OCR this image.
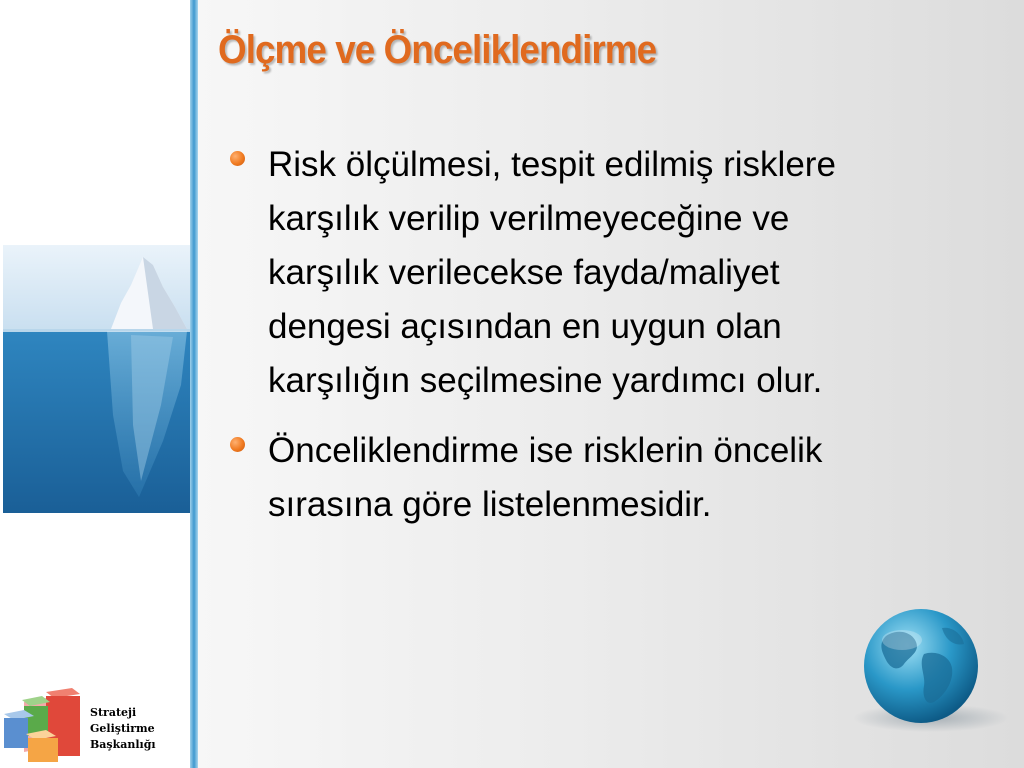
Ölçme ve Önceliklendirme
Risk ölçülmesi, tespit edilmiş risklere karşılık verilip verilmeyeceğine ve karşılık verilecekse fayda/maliyet dengesi açısından en uygun olan karşılığın seçilmesine yardımcı olur.
Önceliklendirme ise risklerin öncelik sırasına göre listelenmesidir.
Strateji
Geliştirme
Başkanlığı
